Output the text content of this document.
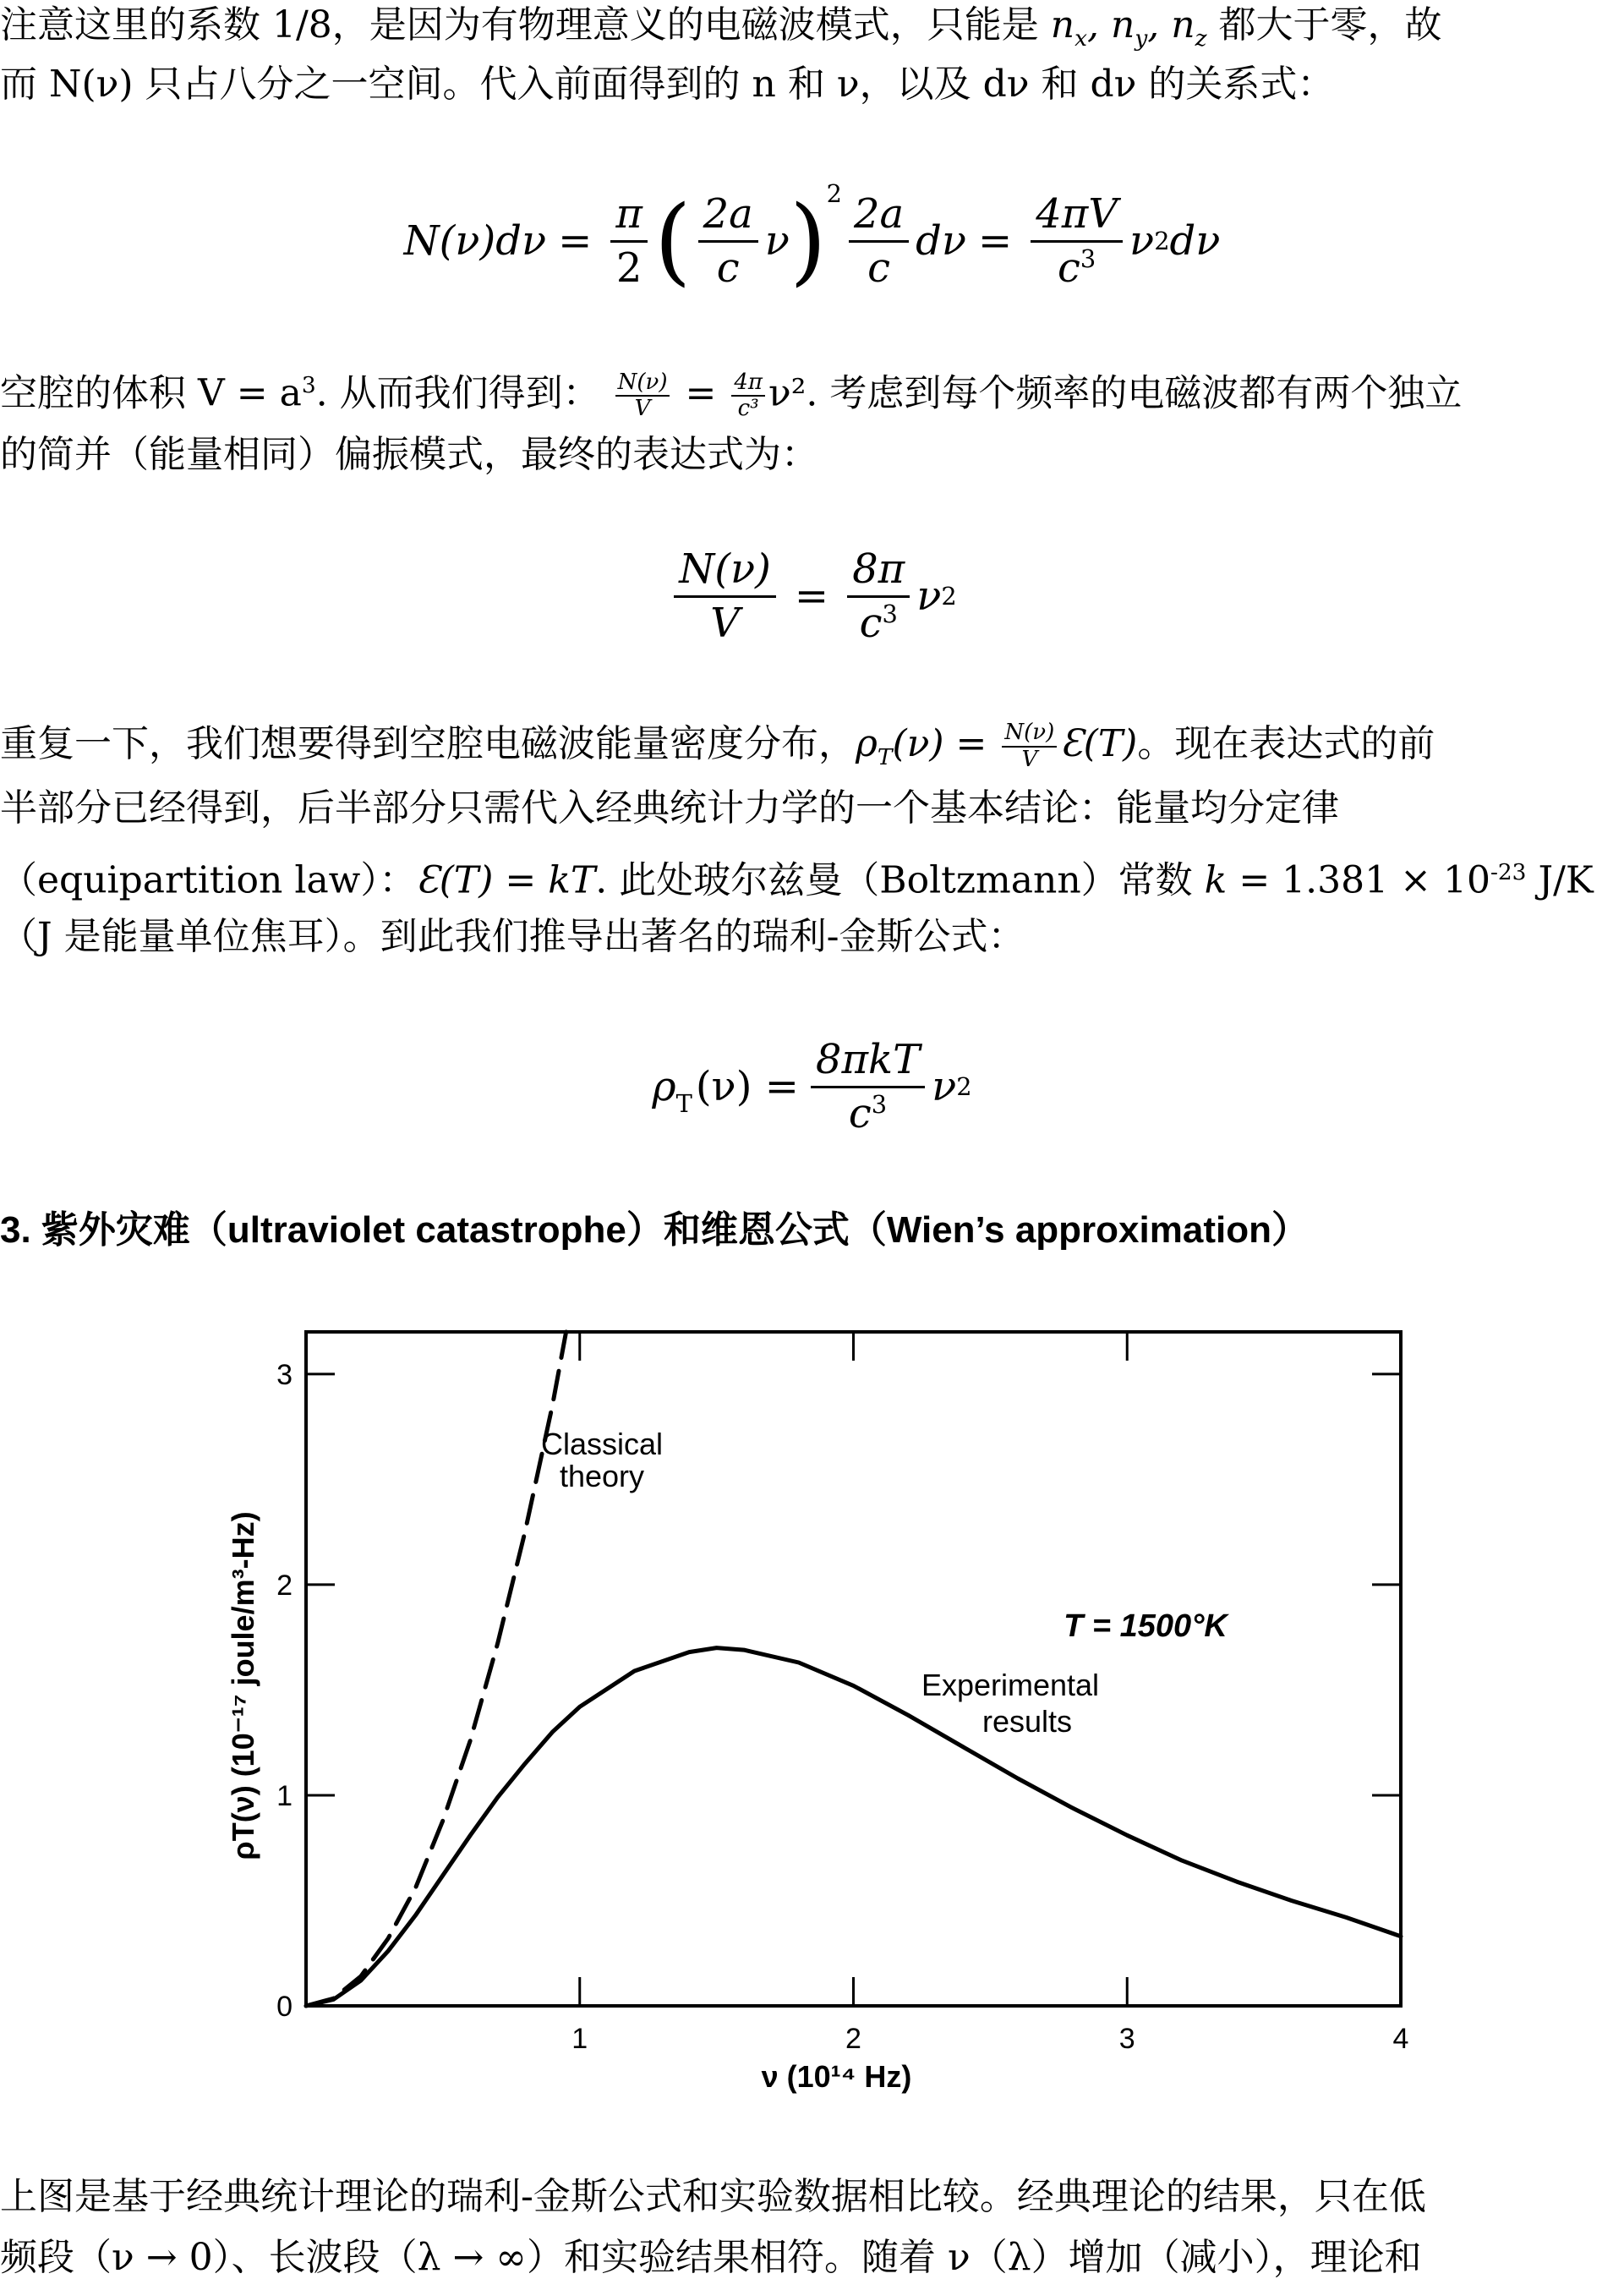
注意这里的系数 1/8，是因为有物理意义的电磁波模式，只能是 $n_x$, $n_y$, $n_z$ 都大于零，故
而 N(ν) 只占八分之一空间。代入前面得到的 n 和 ν，以及 dν 和 dν 的关系式：
$N(\nu)d\nu = \frac{\pi}{2}$ ( $\frac{2a}{c}$ ν )$^2 \frac{2a}{c}$ $d\nu = \frac{4\pi V}{c^3}$ ν 2 dν
空腔的体积 $V = a^3$. 从而我们得到： $\frac{N(\nu)}{V} = \frac{4\pi}{\text{c³}} \nu^2$. 考虑到每个频率的电磁波都有两个独立
的简并（能量相同）偏振模式，最终的表达式为：
$\frac{N(\nu)}{V} = \frac{8\pi}{c^3}$ ν 2
重复一下，我们想要得到空腔电磁波能量密度分布，$\rho_T(\nu) = \frac{N(\nu)}{V}$ Ɛ(T)。现在表达式的前
半部分已经得到，后半部分只需代入经典统计力学的一个基本结论：能量均分定律
（equipartition law）：Ɛ(T) = kT. 此处玻尔兹曼（Boltzmann）常数 $k = 1.381 \times 10^{-23}$ J/K
（J 是能量单位焦耳）。到此我们推导出著名的瑞利-金斯公式：
$\rho_T$ $(\nu) = \frac{\text{8πkT}}{c^3}$ ν 2
3. 紫外灾难（ultraviolet catastrophe）和维恩公式（Wien’s approximation）
1	2	3	4
0
1
2
3
Classical
theory
Experimental
results
T = 1500°K
ν (10¹⁴ Hz)
ρT(ν) (10⁻¹⁷ joule/m³-Hz)
上图是基于经典统计理论的瑞利-金斯公式和实验数据相比较。经典理论的结果，只在低
频段（ν → 0）、长波段（λ → ∞）和实验结果相符。随着 ν（λ）增加（减小），理论和
